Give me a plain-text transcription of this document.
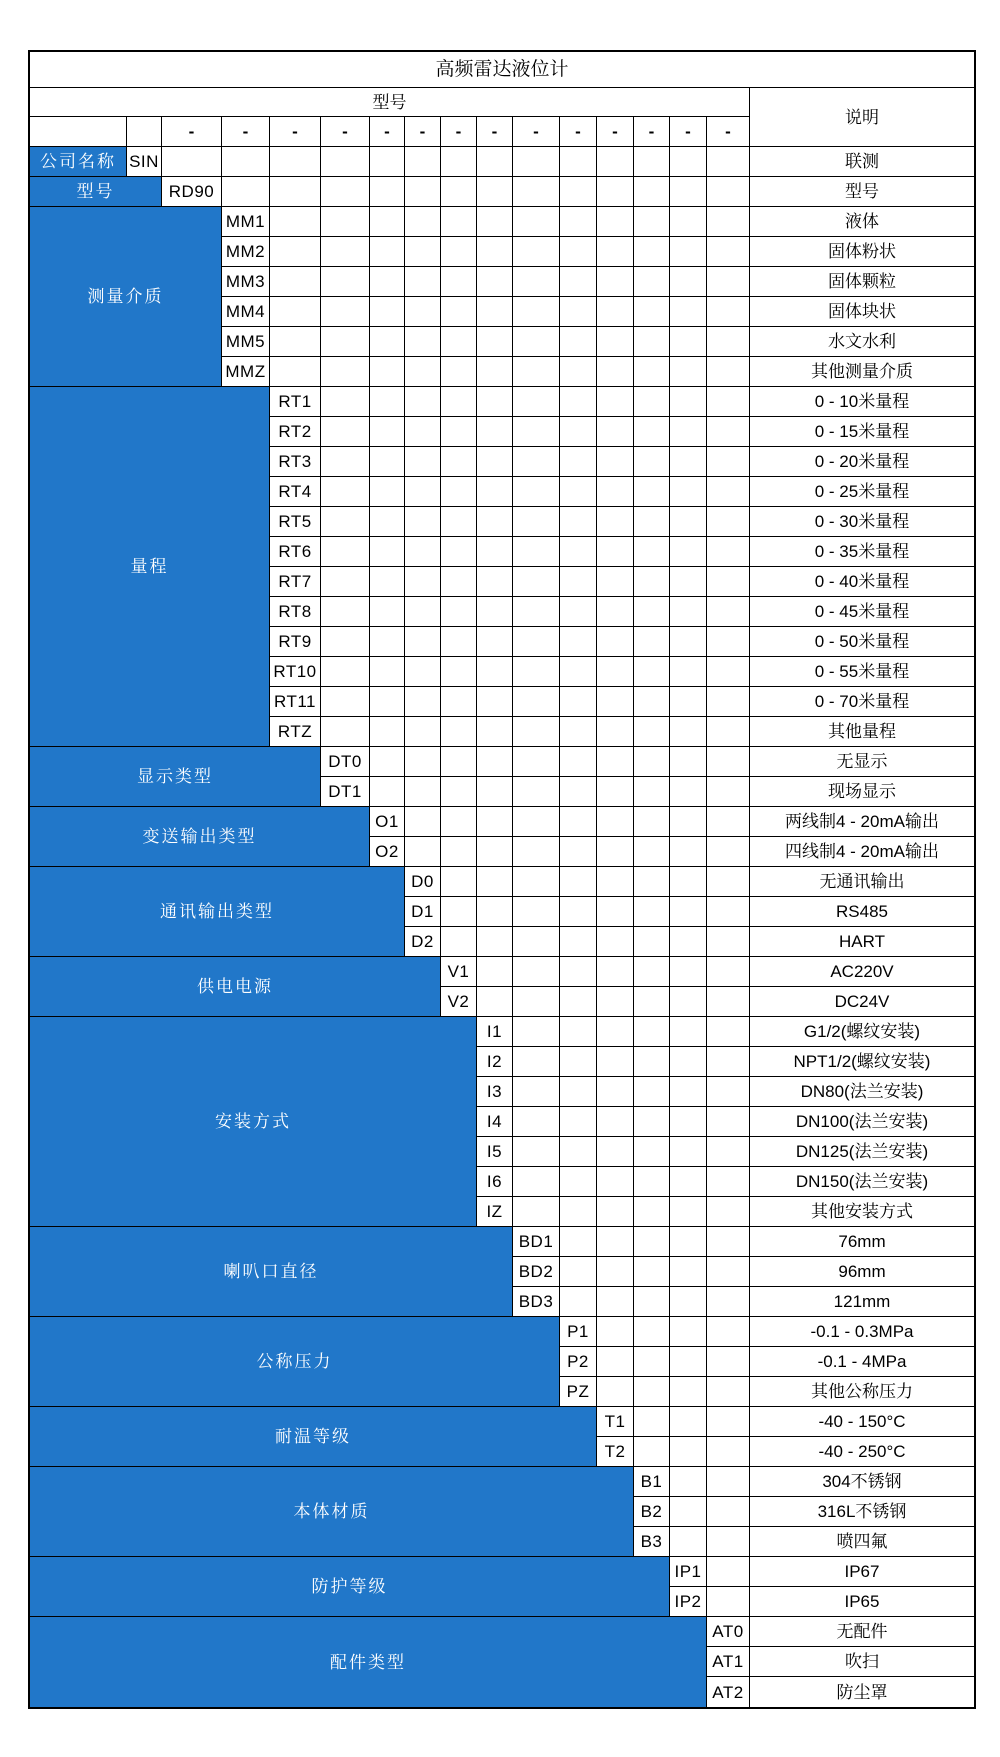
高频雷达液位计
型号
说明
-	-	-	-	-	-	-	-	-	-	-	-	-	-
公司名称 SIN	联测
型号	RD90	型号
测量介质
MM1	液体
MM2	固体粉状
MM3	固体颗粒
MM4	固体块状
MM5	水文水利
MMZ	其他测量介质
量程
RT1	0 - 10米量程
RT2	0 - 15米量程
RT3	0 - 20米量程
RT4	0 - 25米量程
RT5	0 - 30米量程
RT6	0 - 35米量程
RT7	0 - 40米量程
RT8	0 - 45米量程
RT9	0 - 50米量程
RT10	0 - 55米量程
RT11	0 - 70米量程
RTZ	其他量程
显示类型
DT0	无显示
DT1	现场显示
变送输出类型
O1	两线制4 - 20mA输出
O2	四线制4 - 20mA输出
通讯输出类型
D0	无通讯输出
D1	RS485
D2	HART
供电电源
V1	AC220V
V2	DC24V
安装方式
I1	G1/2(螺纹安装)
I2	NPT1/2(螺纹安装)
I3	DN80(法兰安装)
I4	DN100(法兰安装)
I5	DN125(法兰安装)
I6	DN150(法兰安装)
IZ	其他安装方式
喇叭口直径
BD1	76mm
BD2	96mm
BD3	121mm
公称压力
P1	-0.1 - 0.3MPa
P2	-0.1 - 4MPa
PZ	其他公称压力
耐温等级
T1	-40 - 150°C
T2	-40 - 250°C
本体材质
B1	304不锈钢
B2	316L不锈钢
B3	喷四氟
防护等级
IP1	IP67
IP2	IP65
配件类型
AT0	无配件
AT1	吹扫
AT2	防尘罩
